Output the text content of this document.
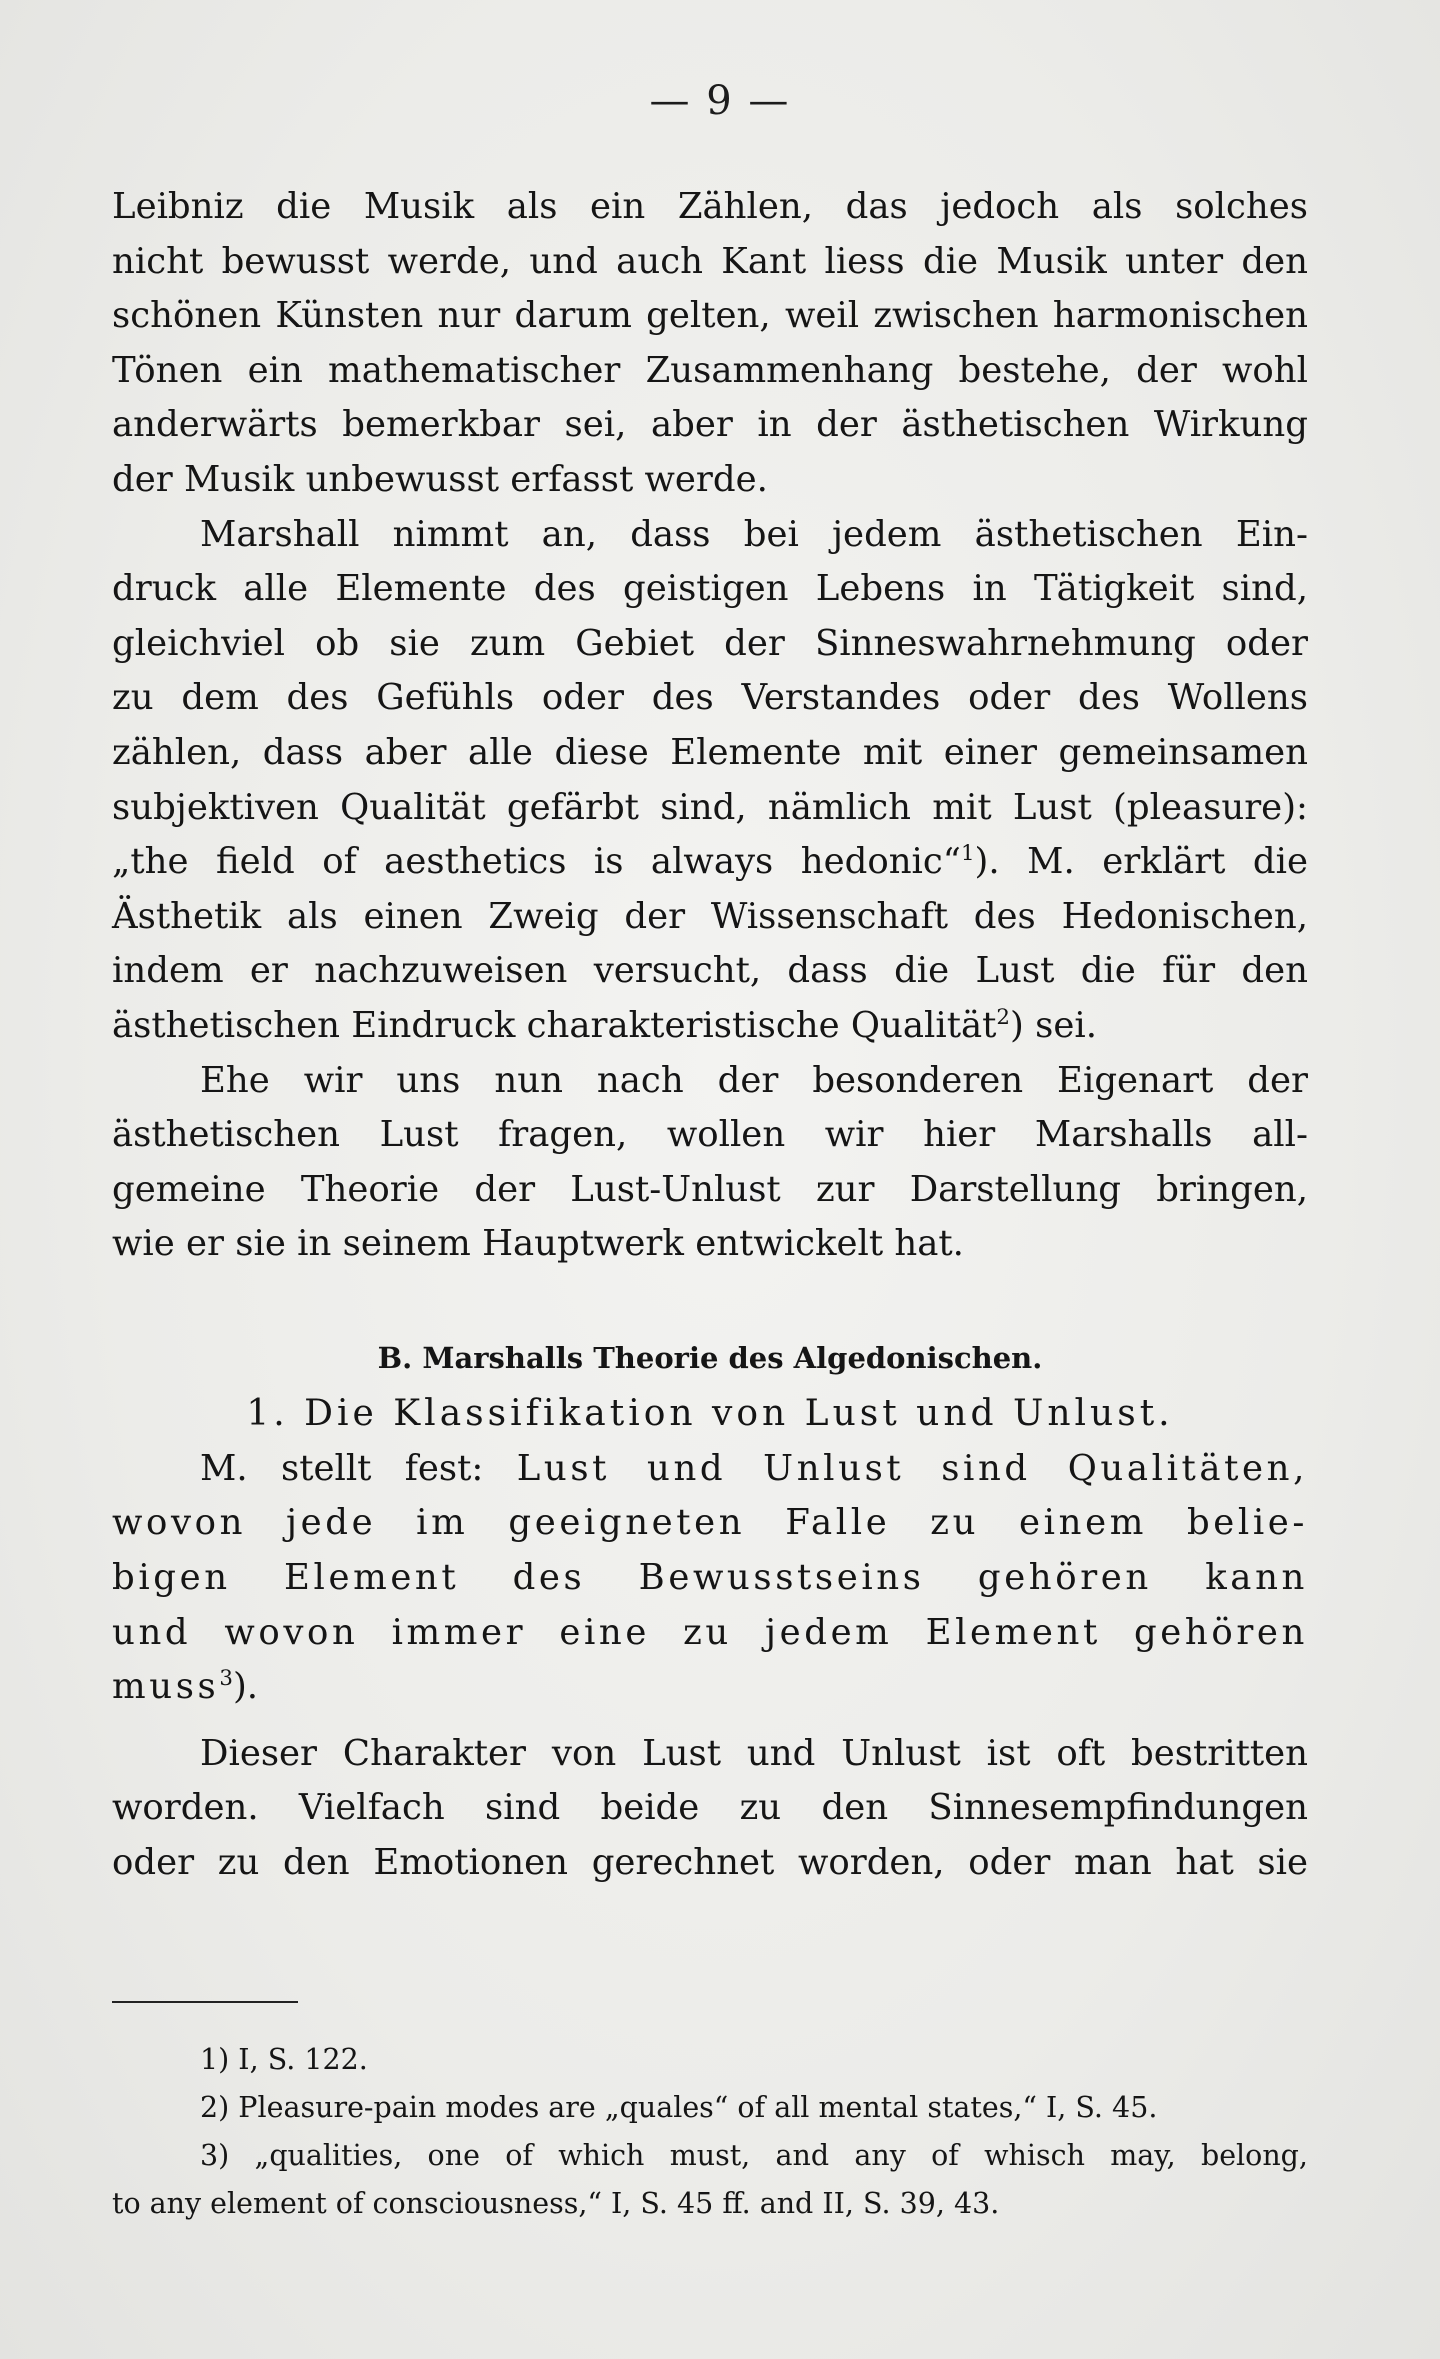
— 9 —

Leibniz die Musik als ein Zählen, das jedoch als solches

nicht bewusst werde, und auch Kant liess die Musik unter den

schönen Künsten nur darum gelten, weil zwischen harmonischen

Tönen ein mathematischer Zusammenhang bestehe, der wohl

anderwärts bemerkbar sei, aber in der ästhetischen Wirkung

der Musik unbewusst erfasst werde.

Marshall nimmt an, dass bei jedem ästhetischen Ein-

druck alle Elemente des geistigen Lebens in Tätigkeit sind,

gleichviel ob sie zum Gebiet der Sinneswahrnehmung oder

zu dem des Gefühls oder des Verstandes oder des Wollens

zählen, dass aber alle diese Elemente mit einer gemeinsamen

subjektiven Qualität gefärbt sind, nämlich mit Lust (pleasure):

„the field of aesthetics is always hedonic“$^1$). M. erklärt die

Ästhetik als einen Zweig der Wissenschaft des Hedonischen,

indem er nachzuweisen versucht, dass die Lust die für den

ästhetischen Eindruck charakteristische Qualität$^2$) sei.

Ehe wir uns nun nach der besonderen Eigenart der

ästhetischen Lust fragen, wollen wir hier Marshalls all-

gemeine Theorie der Lust-Unlust zur Darstellung bringen,

wie er sie in seinem Hauptwerk entwickelt hat.

B. Marshalls Theorie des Algedonischen.

1. Die Klassifikation von Lust und Unlust.

M. stellt fest: Lust und Unlust sind Qualitäten,

wovon jede im geeigneten Falle zu einem belie-

bigen Element des Bewusstseins gehören kann

und wovon immer eine zu jedem Element gehören

muss$^3$).

Dieser Charakter von Lust und Unlust ist oft bestritten

worden. Vielfach sind beide zu den Sinnesempfindungen

oder zu den Emotionen gerechnet worden, oder man hat sie

1) I, S. 122.

2) Pleasure-pain modes are „quales“ of all mental states,“ I, S. 45.

3) „qualities, one of which must, and any of whisch may, belong,

to any element of consciousness,“ I, S. 45 ff. and II, S. 39, 43.
